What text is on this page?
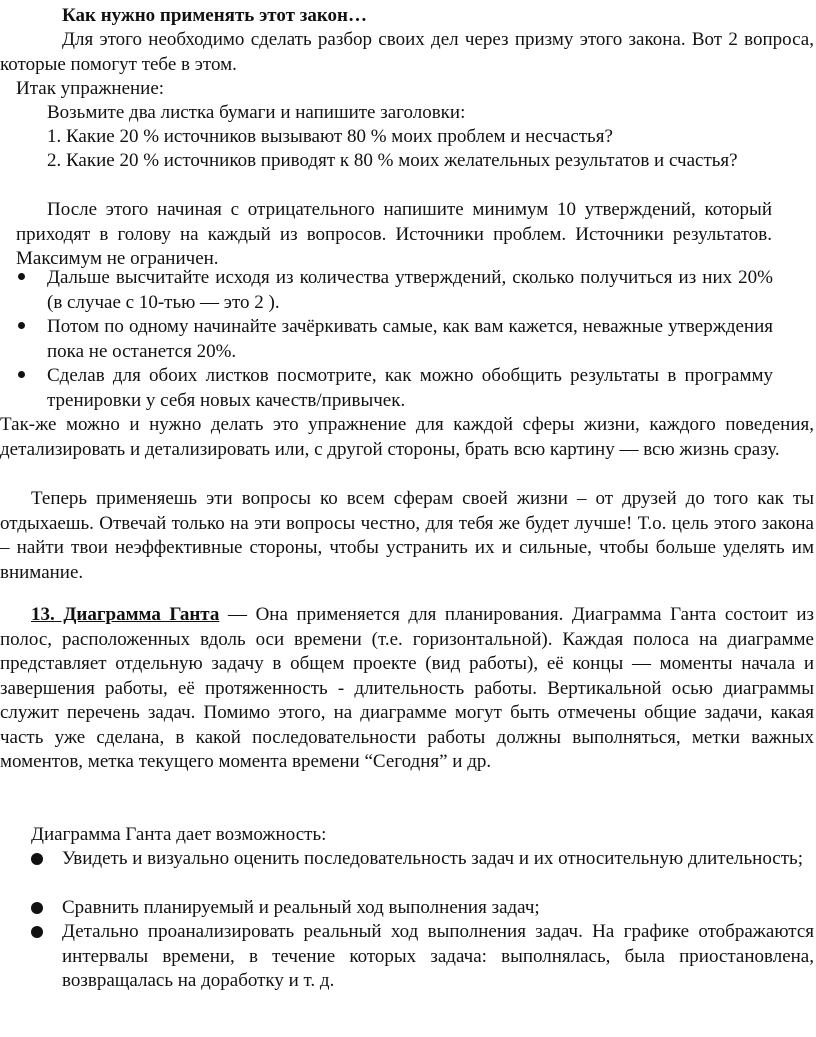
Как нужно применять этот закон…

Для этого необходимо сделать разбор своих дел через призму этого закона. Вот 2 вопроса, которые помогут тебе в этом.

Итак упражнение:
Возьмите два листка бумаги и напишите заголовки:
1. Какие 20 % источников вызывают 80 % моих проблем и несчастья?

2. Какие 20 % источников приводят к 80 % моих желательных результатов и счастья?

После этого начиная с отрицательного напишите минимум 10 утверждений, который приходят в голову на каждый из вопросов. Источники проблем. Источники результатов. Максимум не ограничен.

Дальше высчитайте исходя из количества утверждений, сколько получиться из них 20% (в случае с 10-тью — это 2 ).

Потом по одному начинайте зачёркивать самые, как вам кажется, неважные утверждения пока не останется 20%.

Сделав для обоих листков посмотрите, как можно обобщить результаты в программу тренировки у себя новых качеств/привычек.

Так-же можно и нужно делать это упражнение для каждой сферы жизни, каждого поведения, детализировать и детализировать или, с другой стороны, брать всю картину — всю жизнь сразу.

Теперь применяешь эти вопросы ко всем сферам своей жизни – от друзей до того как ты отдыхаешь. Отвечай только на эти вопросы честно, для тебя же будет лучше! Т.о. цель этого закона – найти твои неэффективные стороны, чтобы устранить их и сильные, чтобы больше уделять им внимание.

13. Диаграмма Ганта — Она применяется для планирования. Диаграмма Ганта состоит из полос, расположенных вдоль оси времени (т.е. горизонтальной). Каждая полоса на диаграмме представляет отдельную задачу в общем проекте (вид работы), её концы — моменты начала и завершения работы, её протяженность - длительность работы. Вертикальной осью диаграммы служит перечень задач. Помимо этого, на диаграмме могут быть отмечены общие задачи, какая часть уже сделана, в какой последовательности работы должны выполняться, метки важных моментов, метка текущего момента времени “Сегодня” и др.

Диаграмма Ганта дает возможность:

Увидеть и визуально оценить последовательность задач и их относительную длительность;

Сравнить планируемый и реальный ход выполнения задач;

Детально проанализировать реальный ход выполнения задач. На графике отображаются интервалы времени, в течение которых задача: выполнялась, была приостановлена, возвращалась на доработку и т. д.
